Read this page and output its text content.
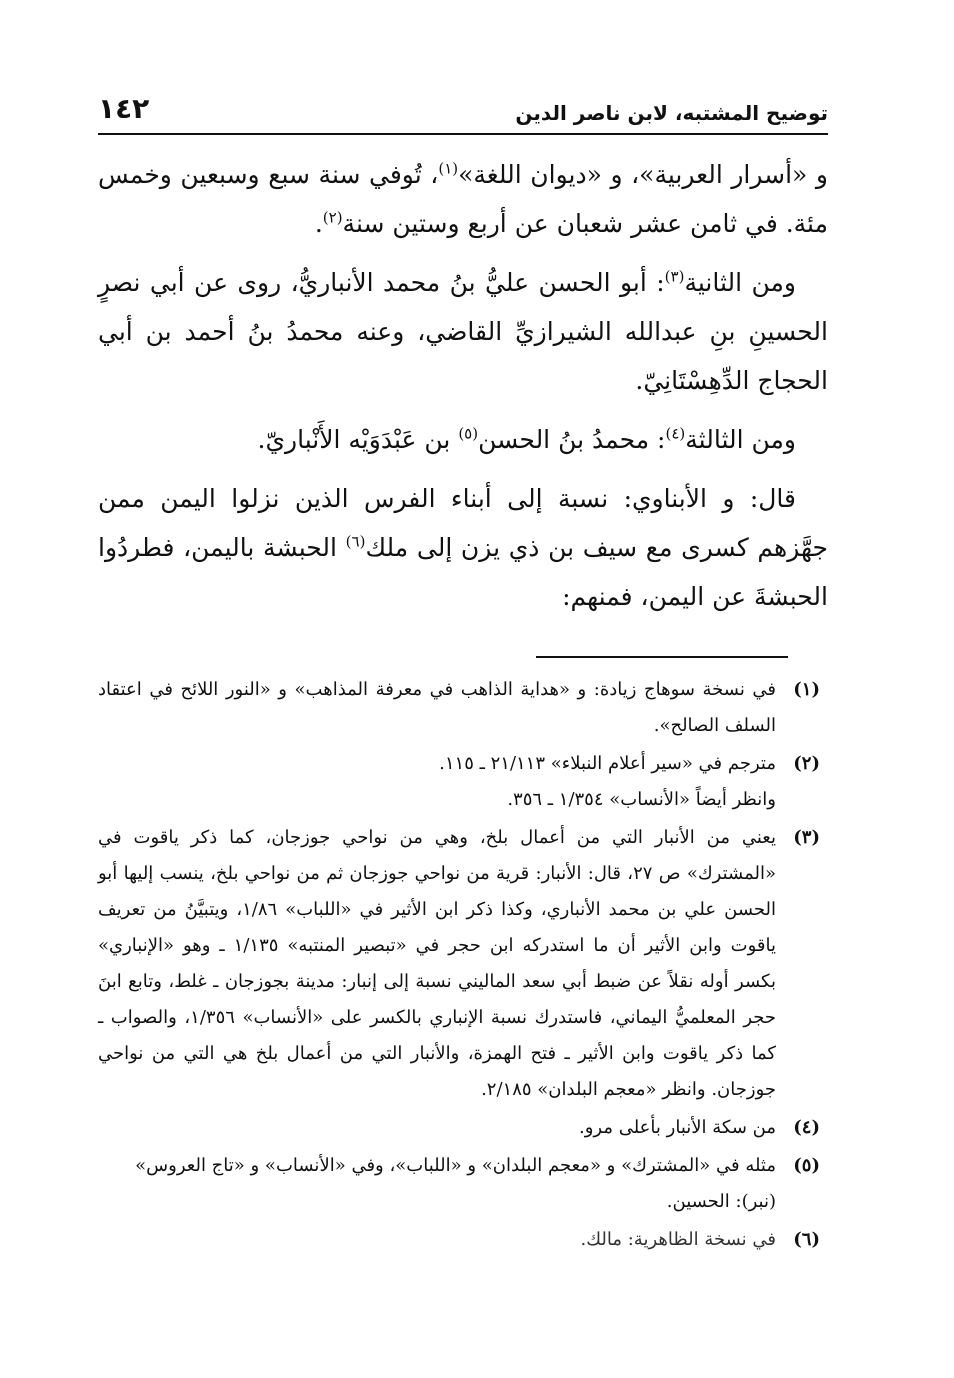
توضيح المشتبه، لابن ناصر الدين
١٤٢

و «أسرار العربية»، و «ديوان اللغة»$^{(١)}$، تُوفي سنة سبع وسبعين وخمس مئة. في ثامن عشر شعبان عن أربع وستين سنة$^{(٢)}$.

ومن الثانية$^{(٣)}$: أبو الحسن عليُّ بنُ محمد الأنباريُّ، روى عن أبي نصرٍ الحسينِ بنِ عبدالله الشيرازيِّ القاضي، وعنه محمدُ بنُ أحمد بن أبي الحجاج الدِّهِسْتَانِيّ.

ومن الثالثة$^{(٤)}$: محمدُ بنُ الحسن$^{(٥)}$ بن عَبْدَوَيْه الأَنْباريّ.

قال: و الأبناوي: نسبة إلى أبناء الفرس الذين نزلوا اليمن ممن جهَّزهم كسرى مع سيف بن ذي يزن إلى ملك$^{(٦)}$ الحبشة باليمن، فطردُوا الحبشةَ عن اليمن، فمنهم:

(١)
في نسخة سوهاج زيادة: و «هداية الذاهب في معرفة المذاهب» و «النور اللائح في اعتقاد السلف الصالح».
(٢)
مترجم في «سير أعلام النبلاء» ٢١/١١٣ ـ ١١٥.
وانظر أيضاً «الأنساب» ١/٣٥٤ ـ ٣٥٦.
(٣)
يعني من الأنبار التي من أعمال بلخ، وهي من نواحي جوزجان، كما ذكر ياقوت في «المشترك» ص ٢٧، قال: الأنبار: قرية من نواحي جوزجان ثم من نواحي بلخ، ينسب إليها أبو الحسن علي بن محمد الأنباري، وكذا ذكر ابن الأثير في «اللباب» ١/٨٦، ويتبيَّنُ من تعريف ياقوت وابن الأثير أن ما استدركه ابن حجر في «تبصير المنتبه» ١/١٣٥ ـ وهو «الإنباري» بكسر أوله نقلاً عن ضبط أبي سعد الماليني نسبة إلى إنبار: مدينة بجوزجان ـ غلط، وتابع ابنَ حجر المعلميُّ اليماني، فاستدرك نسبة الإنباري بالكسر على «الأنساب» ١/٣٥٦، والصواب ـ كما ذكر ياقوت وابن الأثير ـ فتح الهمزة، والأنبار التي من أعمال بلخ هي التي من نواحي جوزجان. وانظر «معجم البلدان» ٢/١٨٥.
(٤)
من سكة الأنبار بأعلى مرو.
(٥)
مثله في «المشترك» و «معجم البلدان» و «اللباب»، وفي «الأنساب» و «تاج العروس»
(نبر): الحسين.
(٦)
في نسخة الظاهرية: مالك.
